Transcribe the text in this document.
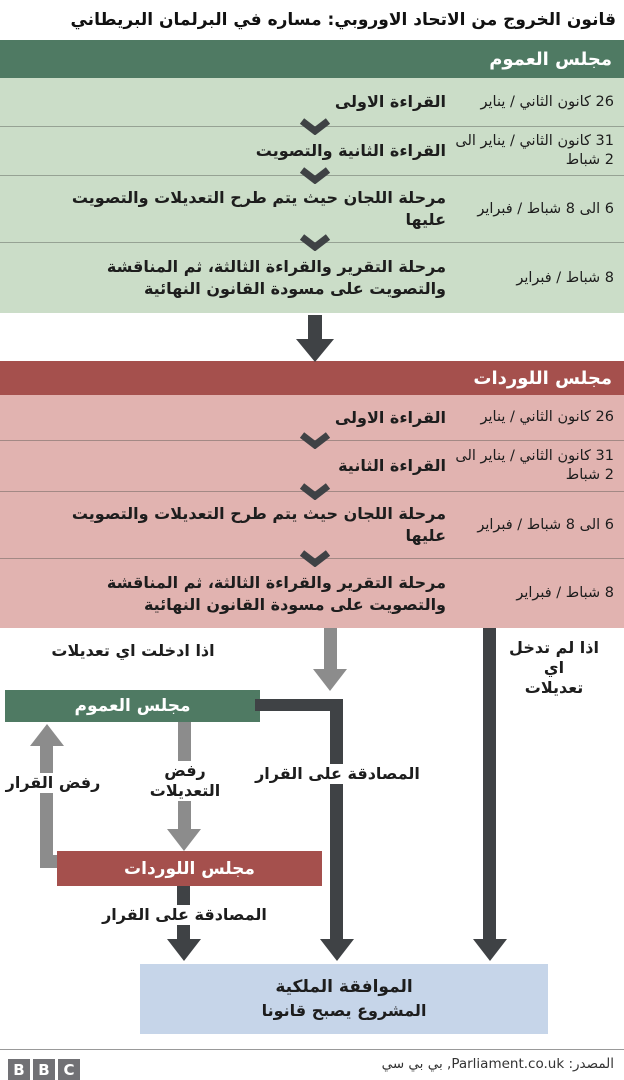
قانون الخروج من الاتحاد الاوروبي: مساره في البرلمان البريطاني
مجلس العموم
26 كانون الثاني / يناير
القراءة الاولى
31 كانون الثاني / يناير الى 2 شباط
القراءة الثانية والتصويت
6 الى 8 شباط / فبراير
مرحلة اللجان حيث يتم طرح التعديلات والتصويت عليها
8 شباط / فبراير
مرحلة التقرير والقراءة الثالثة، ثم المناقشة والتصويت على مسودة القانون النهائية
مجلس اللوردات
26 كانون الثاني / يناير
القراءة الاولى
31 كانون الثاني / يناير الى 2 شباط
القراءة الثانية
6 الى 8 شباط / فبراير
مرحلة اللجان حيث يتم طرح التعديلات والتصويت عليها
8 شباط / فبراير
مرحلة التقرير والقراءة الثالثة، ثم المناقشة والتصويت على مسودة القانون النهائية
اذا لم تدخل اي
تعديلات
اذا ادخلت اي تعديلات
مجلس العموم
المصادقة على القرار
رفض
التعديلات
رفض القرار
مجلس اللوردات
المصادقة على القرار
الموافقة الملكية
المشروع يصبح قانونا
B B C	المصدر: Parliament.co.uk, بي بي سي
